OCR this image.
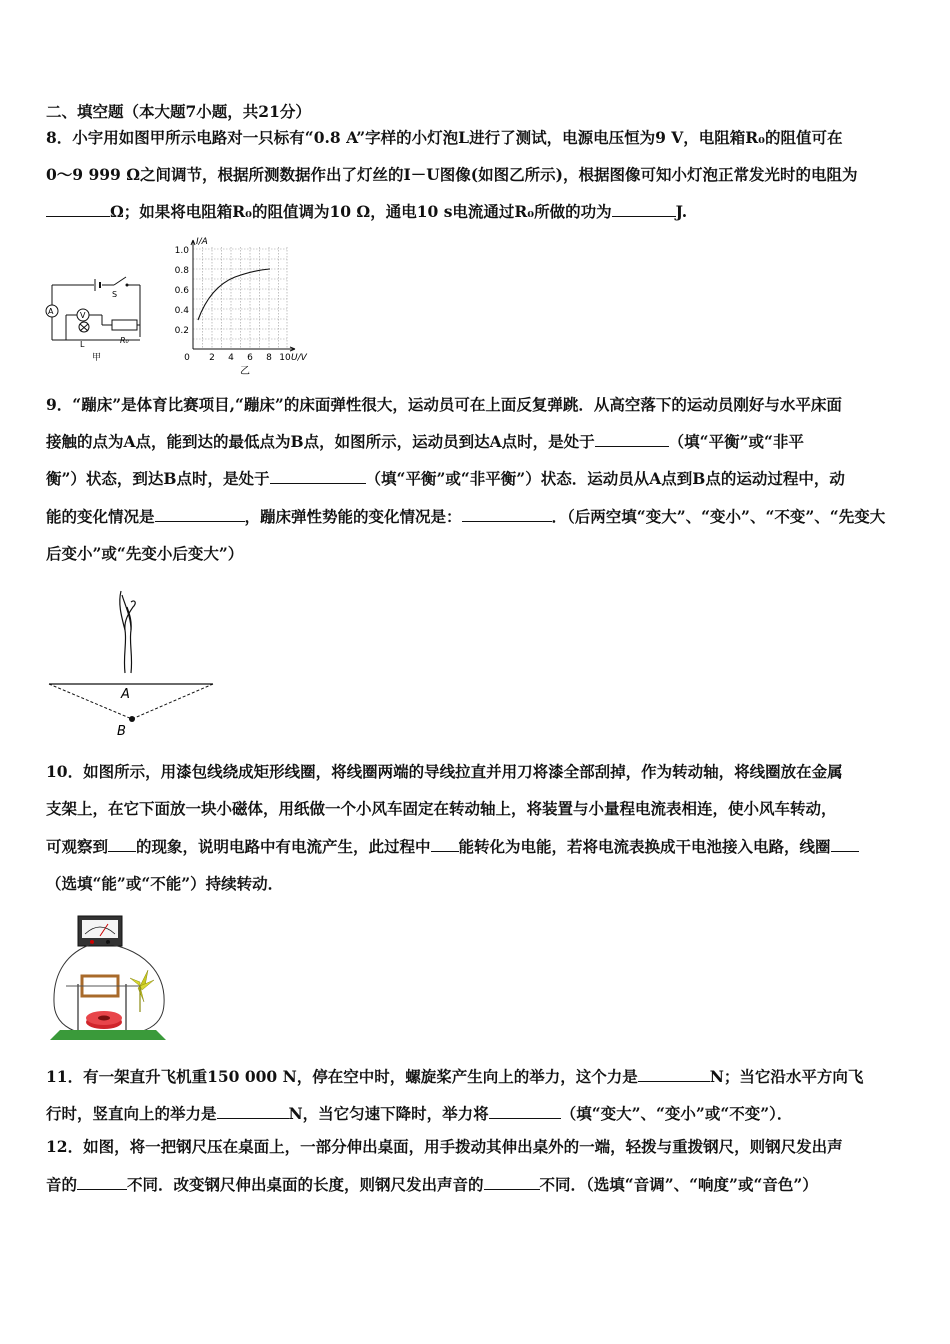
二、填空题（本大题7小题，共21分）
8．小宇用如图甲所示电路对一只标有“0.8 A”字样的小灯泡L进行了测试，电源电压恒为9 V，电阻箱R₀的阻值可在
0～9 999 Ω之间调节，根据所测数据作出了灯丝的I－U图像(如图乙所示)，根据图像可知小灯泡正常发光时的电阻为
Ω；如果将电阻箱R₀的阻值调为10 Ω，通电10 s电流通过R₀所做的功为	J.
A	V
S
L	R₀
甲
I/A
U/V
1.0
0.8
0.6
0.4
0.2
0 2 4 6 8 10
乙
9．“蹦床”是体育比赛项目,“蹦床”的床面弹性很大，运动员可在上面反复弹跳．从高空落下的运动员刚好与水平床面
接触的点为A点，能到达的最低点为B点，如图所示，运动员到达A点时，是处于	（填“平衡”或“非平
衡”）状态，到达B点时，是处于	（填“平衡”或“非平衡”）状态．运动员从A点到B点的运动过程中，动
能的变化情况是	，蹦床弹性势能的变化情况是：	．（后两空填“变大”、“变小”、“不变”、“先变大
后变小”或“先变小后变大”）
A
B
10．如图所示，用漆包线绕成矩形线圈，将线圈两端的导线拉直并用刀将漆全部刮掉，作为转动轴，将线圈放在金属
支架上，在它下面放一块小磁体，用纸做一个小风车固定在转动轴上，将装置与小量程电流表相连，使小风车转动，
可观察到 的现象，说明电路中有电流产生，此过程中 能转化为电能，若将电流表换成干电池接入电路，线圈
（选填“能”或“不能”）持续转动．
11．有一架直升飞机重150 000 N，停在空中时，螺旋桨产生向上的举力，这个力是	N；当它沿水平方向飞
行时，竖直向上的举力是	N，当它匀速下降时，举力将	（填“变大”、“变小”或“不变”）．
12．如图，将一把钢尺压在桌面上，一部分伸出桌面，用手拨动其伸出桌外的一端，轻拨与重拨钢尺，则钢尺发出声
音的	不同．改变钢尺伸出桌面的长度，则钢尺发出声音的	不同．（选填“音调”、“响度”或“音色”）
